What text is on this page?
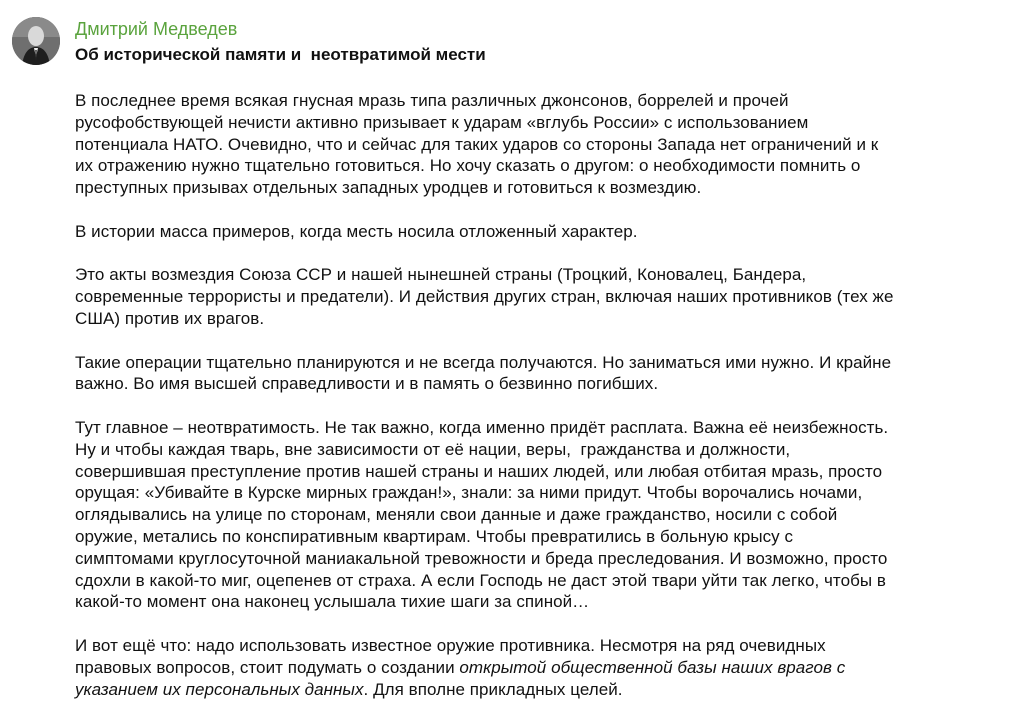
Дмитрий Медведев
Об исторической памяти и  неотвратимой мести
В последнее время всякая гнусная мразь типа различных джонсонов, боррелей и прочей
русофобствующей нечисти активно призывает к ударам «вглубь России» с использованием
потенциала НАТО. Очевидно, что и сейчас для таких ударов со стороны Запада нет ограничений и к
их отражению нужно тщательно готовиться. Но хочу сказать о другом: о необходимости помнить о
преступных призывах отдельных западных уродцев и готовиться к возмездию.
В истории масса примеров, когда месть носила отложенный характер.
Это акты возмездия Союза ССР и нашей нынешней страны (Троцкий, Коновалец, Бандера,
современные террористы и предатели). И действия других стран, включая наших противников (тех же
США) против их врагов.
Такие операции тщательно планируются и не всегда получаются. Но заниматься ими нужно. И крайне
важно. Во имя высшей справедливости и в память о безвинно погибших.
Тут главное – неотвратимость. Не так важно, когда именно придёт расплата. Важна её неизбежность.
Ну и чтобы каждая тварь, вне зависимости от её нации, веры,  гражданства и должности,
совершившая преступление против нашей страны и наших людей, или любая отбитая мразь, просто
орущая: «Убивайте в Курске мирных граждан!», знали: за ними придут. Чтобы ворочались ночами,
оглядывались на улице по сторонам, меняли свои данные и даже гражданство, носили с собой
оружие, метались по конспиративным квартирам. Чтобы превратились в больную крысу с
симптомами круглосуточной маниакальной тревожности и бреда преследования. И возможно, просто
сдохли в какой-то миг, оцепенев от страха. А если Господь не даст этой твари уйти так легко, чтобы в
какой-то момент она наконец услышала тихие шаги за спиной…
И вот ещё что: надо использовать известное оружие противника. Несмотря на ряд очевидных
правовых вопросов, стоит подумать о создании открытой общественной базы наших врагов с
указанием их персональных данных. Для вполне прикладных целей.
